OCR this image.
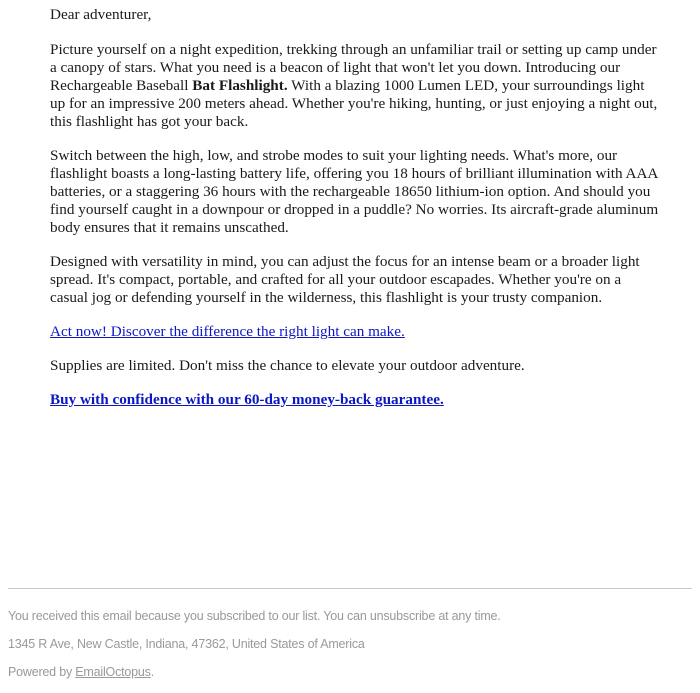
Dear adventurer,

Picture yourself on a night expedition, trekking through an unfamiliar trail or setting up camp under a canopy of stars. What you need is a beacon of light that won't let you down. Introducing our Rechargeable Baseball Bat Flashlight. With a blazing 1000 Lumen LED, your surroundings light up for an impressive 200 meters ahead. Whether you're hiking, hunting, or just enjoying a night out, this flashlight has got your back.

Switch between the high, low, and strobe modes to suit your lighting needs. What's more, our flashlight boasts a long-lasting battery life, offering you 18 hours of brilliant illumination with AAA batteries, or a staggering 36 hours with the rechargeable 18650 lithium-ion option. And should you find yourself caught in a downpour or dropped in a puddle? No worries. Its aircraft-grade aluminum body ensures that it remains unscathed.

Designed with versatility in mind, you can adjust the focus for an intense beam or a broader light spread. It's compact, portable, and crafted for all your outdoor escapades. Whether you're on a casual jog or defending yourself in the wilderness, this flashlight is your trusty companion.

Act now! Discover the difference the right light can make.

Supplies are limited. Don't miss the chance to elevate your outdoor adventure.

Buy with confidence with our 60-day money-back guarantee.

You received this email because you subscribed to our list. You can unsubscribe at any time.

1345 R Ave, New Castle, Indiana, 47362, United States of America

Powered by EmailOctopus.
